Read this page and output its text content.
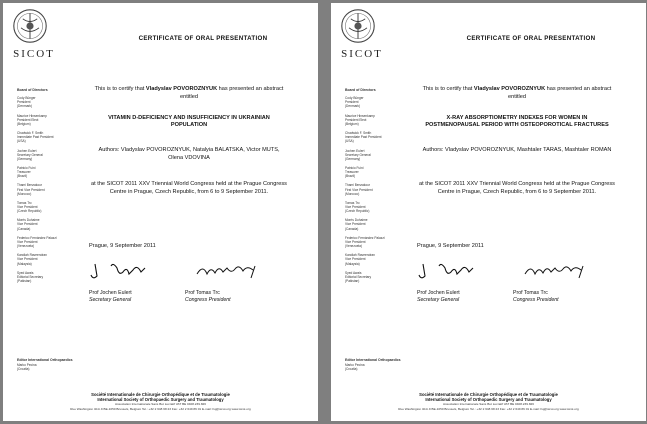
SICOT
CERTIFICATE OF ORAL PRESENTATION
Board of Directors
Cody Bünger
President
(Denmark)
Maurice Hinsenkamp
President Elect
(Belgium)
Chadwick F. Smith
Immediate Past President
(USA)
Jochen Eulert
Secretary General
(Germany)
Patricio Fuini
Treasurer
(Brazil)
Thami Benzakour
First Vice President
(Morocco)
Tomas Trc
Vice President
(Czech Republic)
Morris Duhaime
Vice President
(Canada)
Federico Fernández Palazzi
Vice President
(Venezuela)
Kandiah Raveendran
Vice President
(Malaysia)
Syed Awais
Editorial Secretary
(Pakistan)
Editor International Orthopaedics
Marko Pecina
(Croatia)
This is to certify that Vladyslav POVOROZNYUK has presented an abstract entitled
VITAMIN D-DEFICIENCY AND INSUFFICIENCY IN UKRAINIAN POPULATION
Authors: Vladyslav POVOROZNYUK, Natalyia BALATSKA, Victor MUTS, Olena VDOVINA
at the SICOT 2011 XXV Triennial World Congress held at the Prague Congress Centre in Prague, Czech Republic, from 6 to 9 September 2011.
Prague, 9 September 2011
Prof Jochen Eulert
Secretary General
Prof Tomas Trc
Congress President
Société Internationale de Chirurgie Orthopédique et de Traumatologie
International Society of Orthopaedic Surgery and Traumatology
Association Internationale Sans But Lucratif VAT BE 0408.239.826
Rue Washington 40-b.9 BE-1050 Brussels, Belgium Tel.: +32 2 648 68 23 Fax: +32 2 649 86 01 E-mail: hq@sicot.org www.sicot.org
SICOT
CERTIFICATE OF ORAL PRESENTATION
Board of Directors
Cody Bünger
President
(Denmark)
Maurice Hinsenkamp
President Elect
(Belgium)
Chadwick F. Smith
Immediate Past President
(USA)
Jochen Eulert
Secretary General
(Germany)
Patricio Fuini
Treasurer
(Brazil)
Thami Benzakour
First Vice President
(Morocco)
Tomas Trc
Vice President
(Czech Republic)
Morris Duhaime
Vice President
(Canada)
Federico Fernández Palazzi
Vice President
(Venezuela)
Kandiah Raveendran
Vice President
(Malaysia)
Syed Awais
Editorial Secretary
(Pakistan)
Editor International Orthopaedics
Marko Pecina
(Croatia)
This is to certify that Vladyslav POVOROZNYUK has presented an abstract entitled
X-RAY ABSORPTIOMETRY INDEXES FOR WOMEN IN POSTMENOPAUSAL PERIOD WITH OSTEOPOROTICAL FRACTURES
Authors: Vladyslav POVOROZNYUK, Mashtaler TARAS, Mashtaler ROMAN
at the SICOT 2011 XXV Triennial World Congress held at the Prague Congress Centre in Prague, Czech Republic, from 6 to 9 September 2011.
Prague, 9 September 2011
Prof Jochen Eulert
Secretary General
Prof Tomas Trc
Congress President
Société Internationale de Chirurgie Orthopédique et de Traumatologie
International Society of Orthopaedic Surgery and Traumatology
Association Internationale Sans But Lucratif VAT BE 0408.239.826
Rue Washington 40-b.9 BE-1050 Brussels, Belgium Tel.: +32 2 648 68 23 Fax: +32 2 649 86 01 E-mail: hq@sicot.org www.sicot.org
